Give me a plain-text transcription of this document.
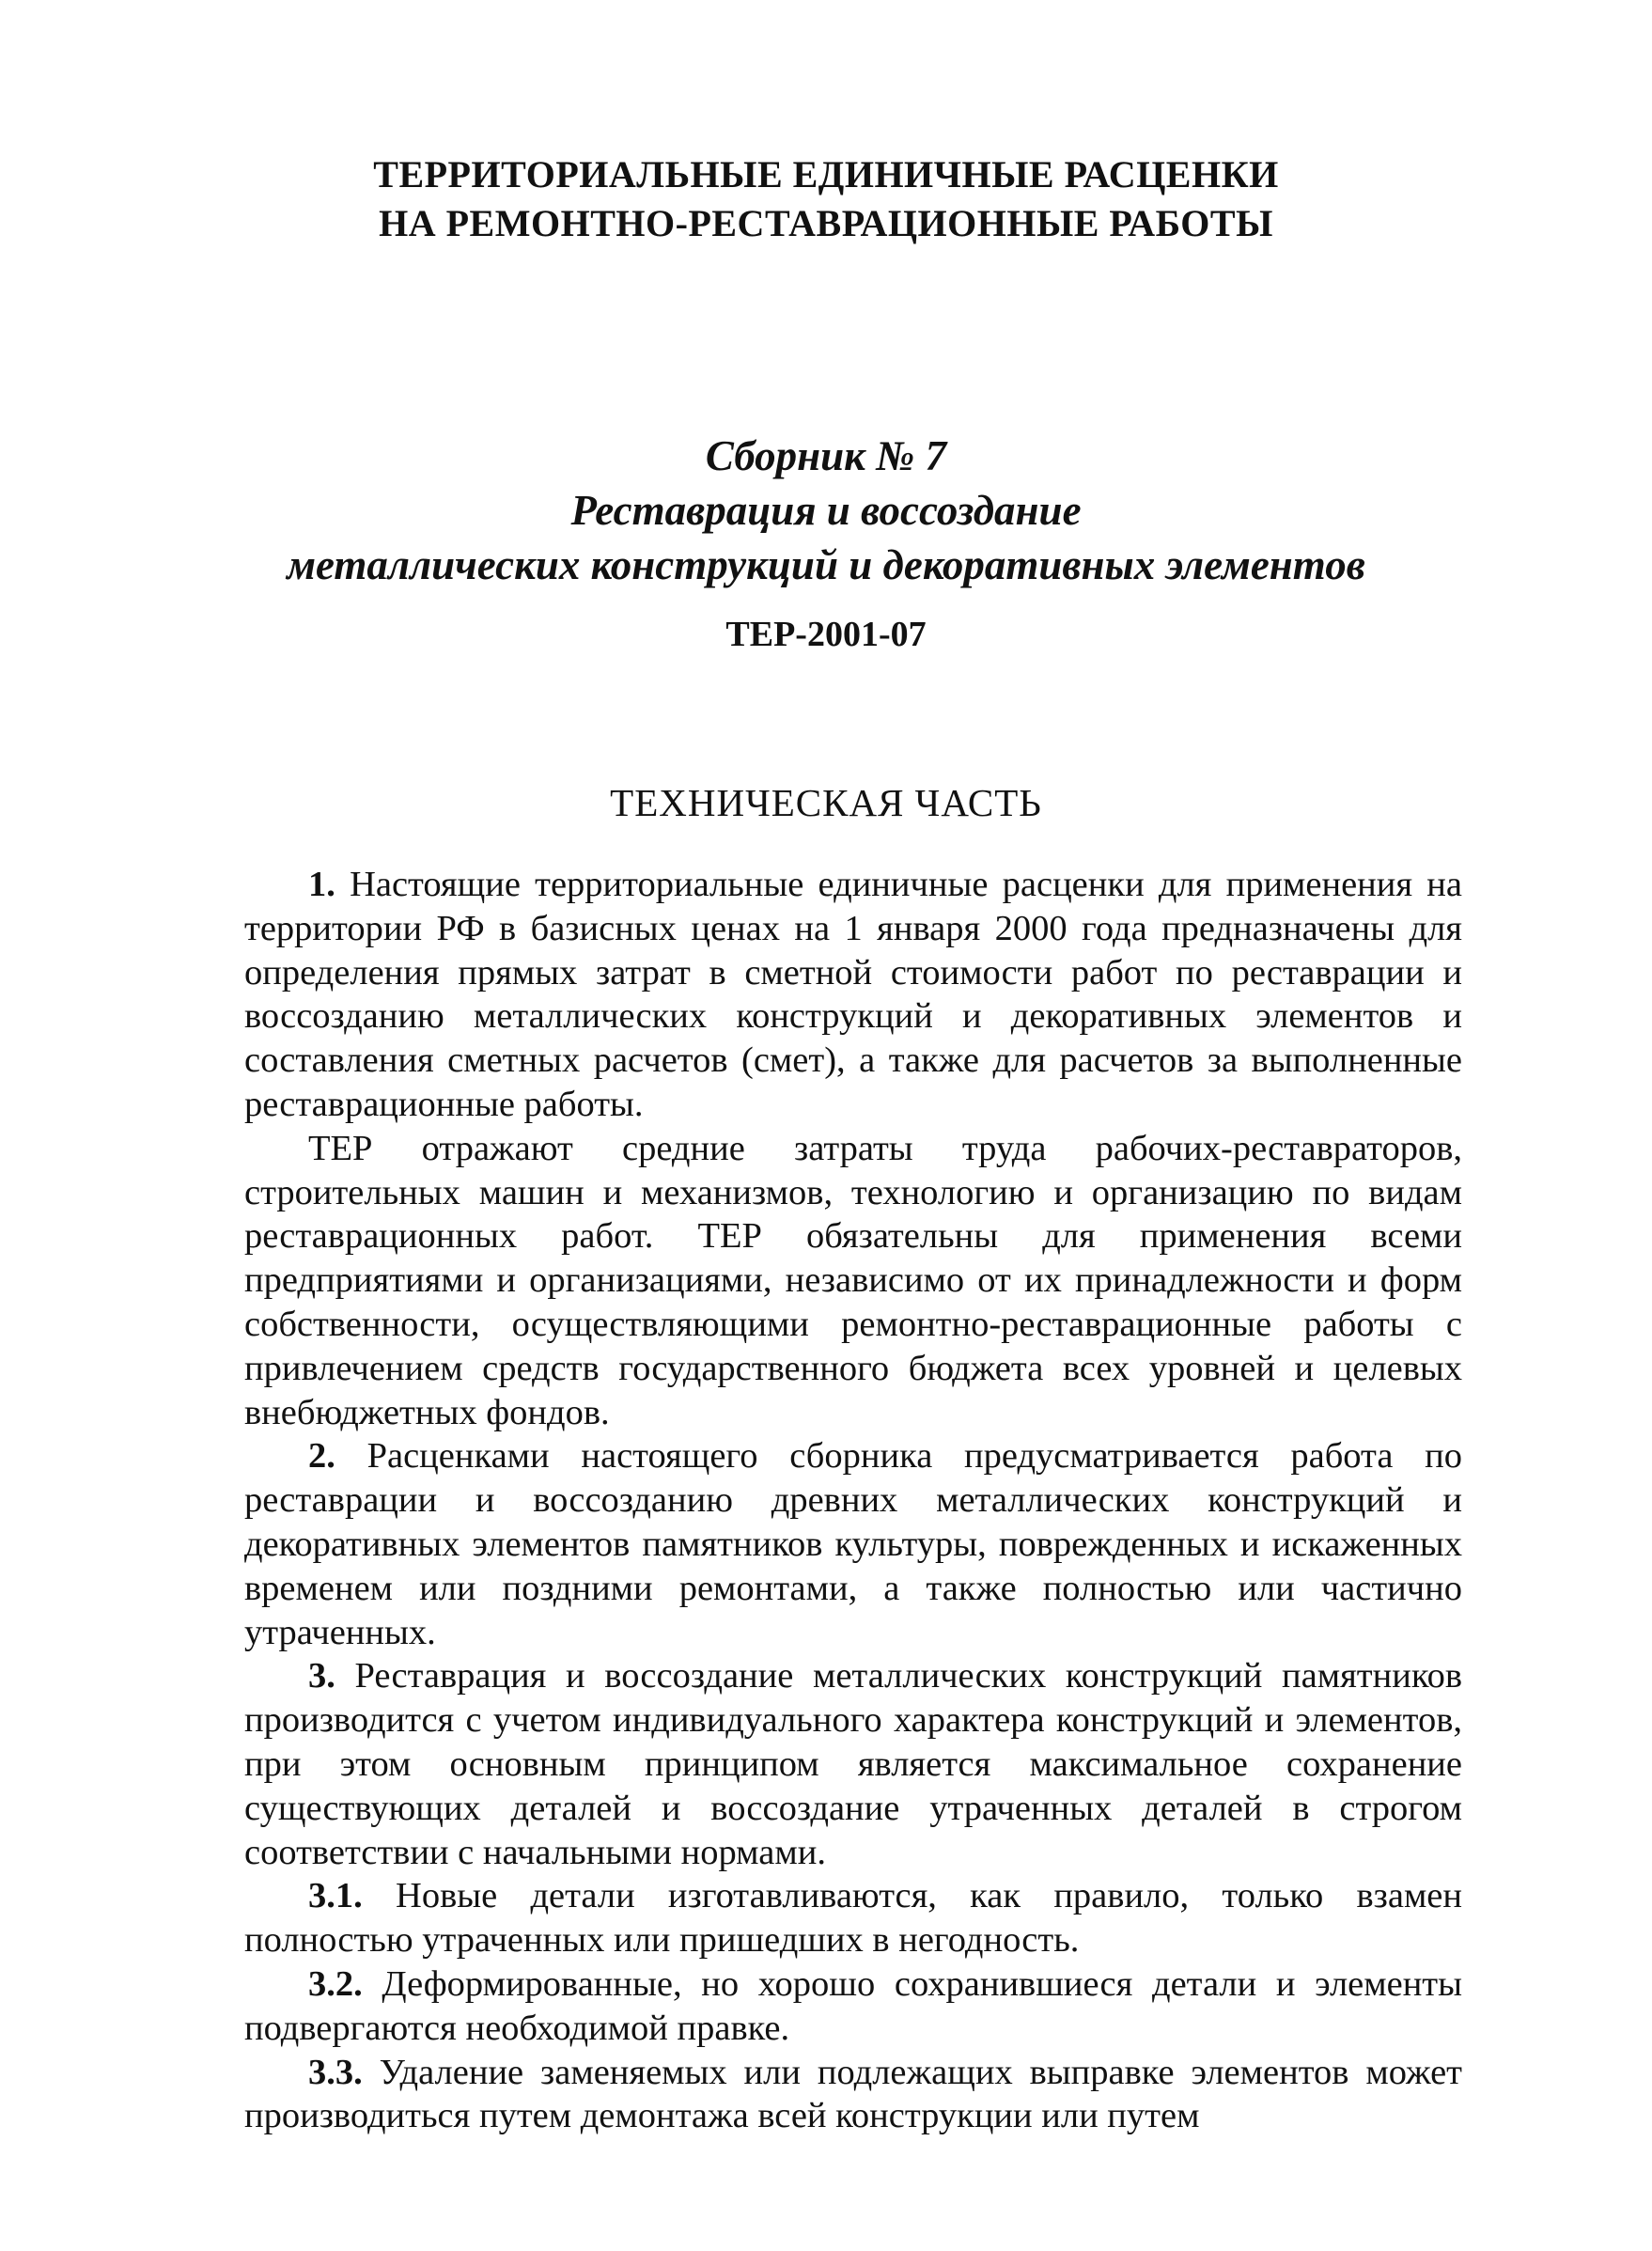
ТЕРРИТОРИАЛЬНЫЕ ЕДИНИЧНЫЕ РАСЦЕНКИ
НА РЕМОНТНО-РЕСТАВРАЦИОННЫЕ РАБОТЫ
Сборник № 7
Реставрация и воссоздание
металлических конструкций и декоративных элементов
ТЕР-2001-07
ТЕХНИЧЕСКАЯ ЧАСТЬ

1. Настоящие территориальные единичные расценки для применения на территории РФ в базисных ценах на 1 января 2000 года предназначены для определения прямых затрат в сметной стоимости работ по реставрации и воссозданию металлических конструкций и декоративных элементов и составления сметных расчетов (смет), а также для расчетов за выполненные реставрационные работы.

ТЕР отражают средние затраты труда рабочих-реставраторов, строительных машин и механизмов, технологию и организацию по видам реставрационных работ. ТЕР обязательны для применения всеми предприятиями и организациями, независимо от их принадлежности и форм собственности, осуществляющими ремонтно-реставрационные работы с привлечением средств государственного бюджета всех уровней и целевых внебюджетных фондов.

2. Расценками настоящего сборника предусматривается работа по реставрации и воссозданию древних металлических конструкций и декоративных элементов памятников культуры, поврежденных и искаженных временем или поздними ремонтами, а также полностью или частично утраченных.

3. Реставрация и воссоздание металлических конструкций памятников производится с учетом индивидуального характера конструкций и элементов, при этом основным принципом является максимальное сохранение существующих деталей и воссоздание утраченных деталей в строгом соответствии с начальными нормами.

3.1. Новые детали изготавливаются, как правило, только взамен полностью утраченных или пришедших в негодность.

3.2. Деформированные, но хорошо сохранившиеся детали и элементы подвергаются необходимой правке.

3.3. Удаление заменяемых или подлежащих выправке элементов может производиться путем демонтажа всей конструкции или путем
